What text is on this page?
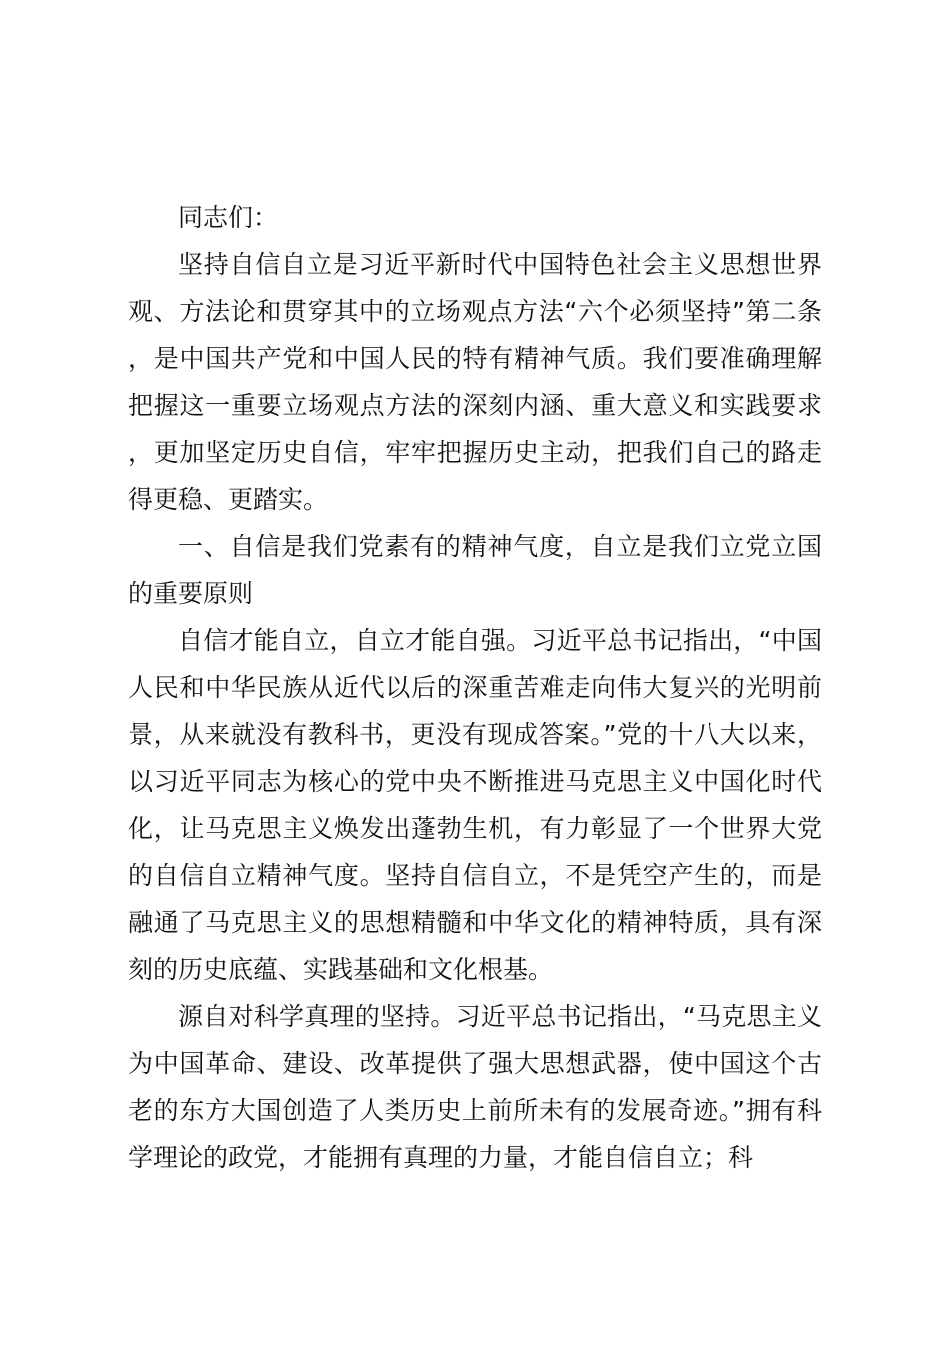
同志们：

坚持自信自立是习近平新时代中国特色社会主义思想世界观、方法论和贯穿其中的立场观点方法“六个必须坚持”第二条，是中国共产党和中国人民的特有精神气质。我们要准确理解把握这一重要立场观点方法的深刻内涵、重大意义和实践要求，更加坚定历史自信，牢牢把握历史主动，把我们自己的路走得更稳、更踏实。

一、自信是我们党素有的精神气度，自立是我们立党立国的重要原则

自信才能自立，自立才能自强。习近平总书记指出，“中国人民和中华民族从近代以后的深重苦难走向伟大复兴的光明前景，从来就没有教科书，更没有现成答案。”党的十八大以来，以习近平同志为核心的党中央不断推进马克思主义中国化时代化，让马克思主义焕发出蓬勃生机，有力彰显了一个世界大党的自信自立精神气度。坚持自信自立，不是凭空产生的，而是融通了马克思主义的思想精髓和中华文化的精神特质，具有深刻的历史底蕴、实践基础和文化根基。

源自对科学真理的坚持。习近平总书记指出，“马克思主义为中国革命、建设、改革提供了强大思想武器，使中国这个古老的东方大国创造了人类历史上前所未有的发展奇迹。”拥有科学理论的政党，才能拥有真理的力量，才能自信自立；科
